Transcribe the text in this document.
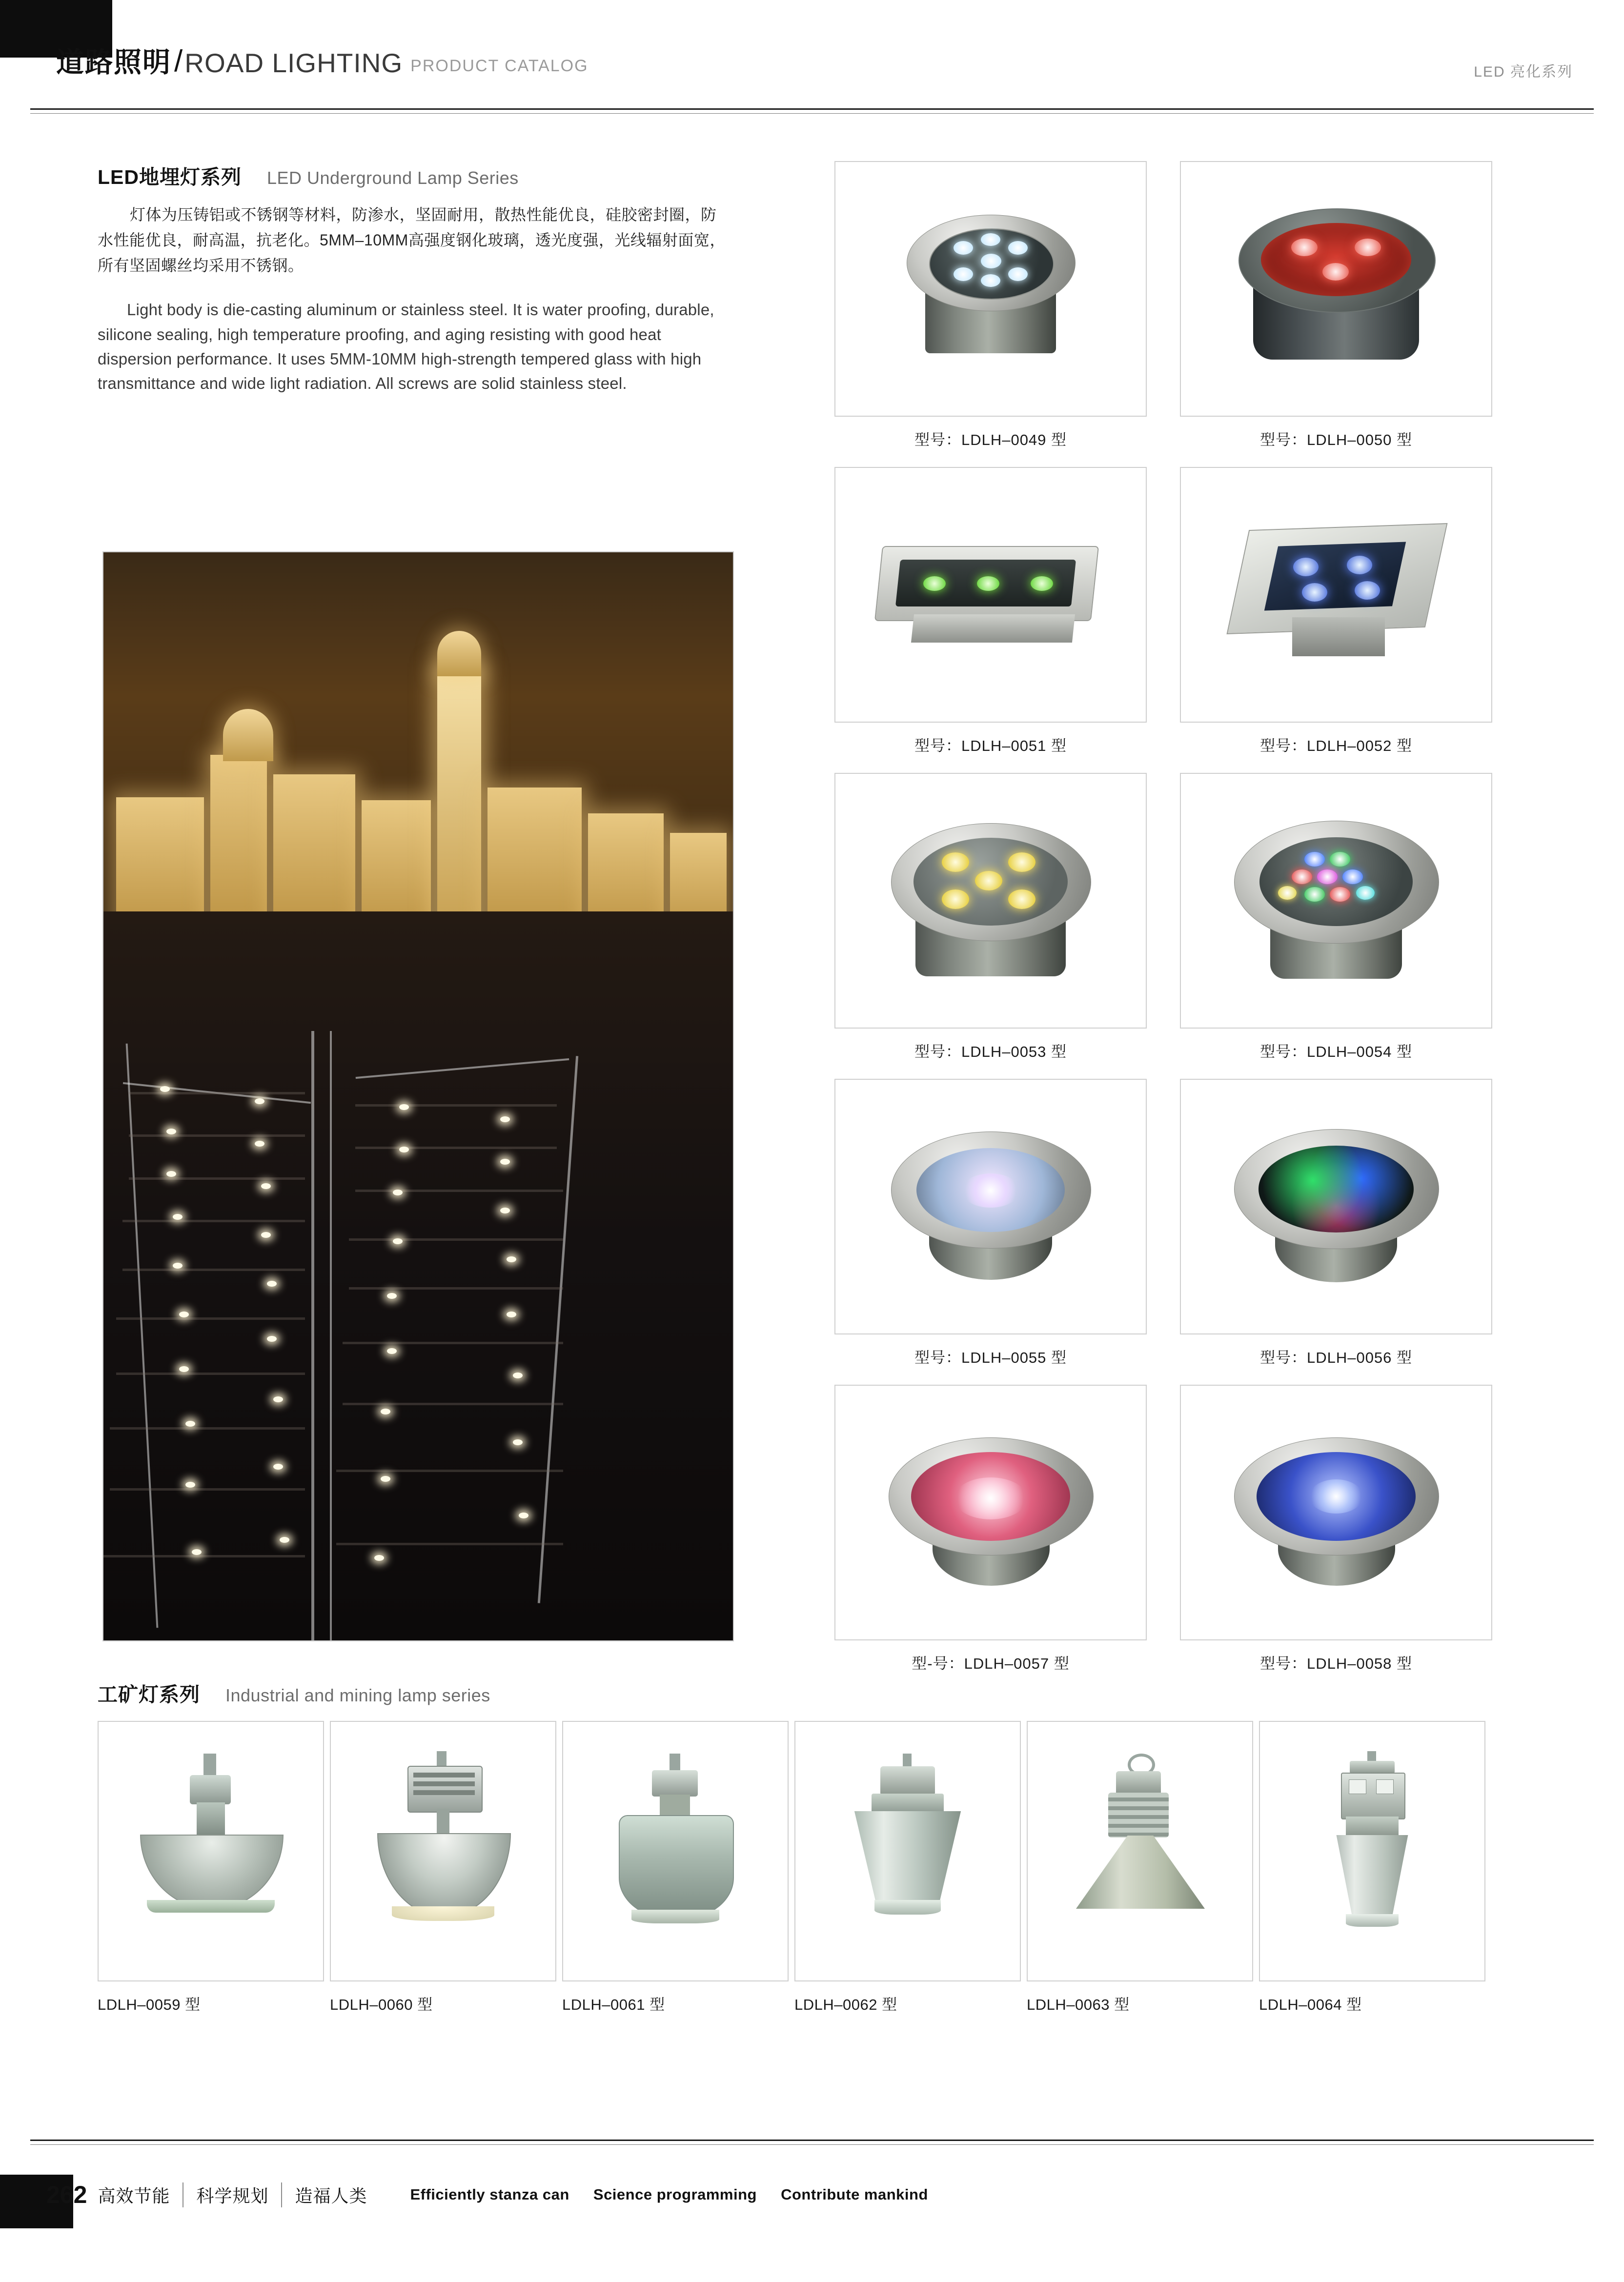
道路照明 / ROAD LIGHTING PRODUCT CATALOG	LED 亮化系列
LED地埋灯系列 LED Underground Lamp Series

灯体为压铸铝或不锈钢等材料，防渗水，坚固耐用，散热性能优良，硅胶密封圈，防水性能优良，耐高温，抗老化。5MM–10MM高强度钢化玻璃，透光度强，光线辐射面宽，所有坚固螺丝均采用不锈钢。

Light body is die-casting aluminum or stainless steel. It is water proofing, durable, silicone sealing, high temperature proofing, and aging resisting with good heat dispersion performance. It uses 5MM-10MM high-strength tempered glass with high transmittance and wide light radiation. All screws are solid stainless steel.

型号：LDLH–0049 型	型号：LDLH–0050 型
型号：LDLH–0051 型	型号：LDLH–0052 型
型号：LDLH–0053 型	型号：LDLH–0054 型
型号：LDLH–0055 型	型号：LDLH–0056 型
型-号：LDLH–0057 型	型号：LDLH–0058 型
工矿灯系列 Industrial and mining lamp series
LDLH–0059 型	LDLH–0060 型	LDLH–0061 型	LDLH–0062 型	LDLH–0063 型	LDLH–0064 型
262 高效节能	科学规划	造福人类	Efficiently stanza can Science programming Contribute mankind
